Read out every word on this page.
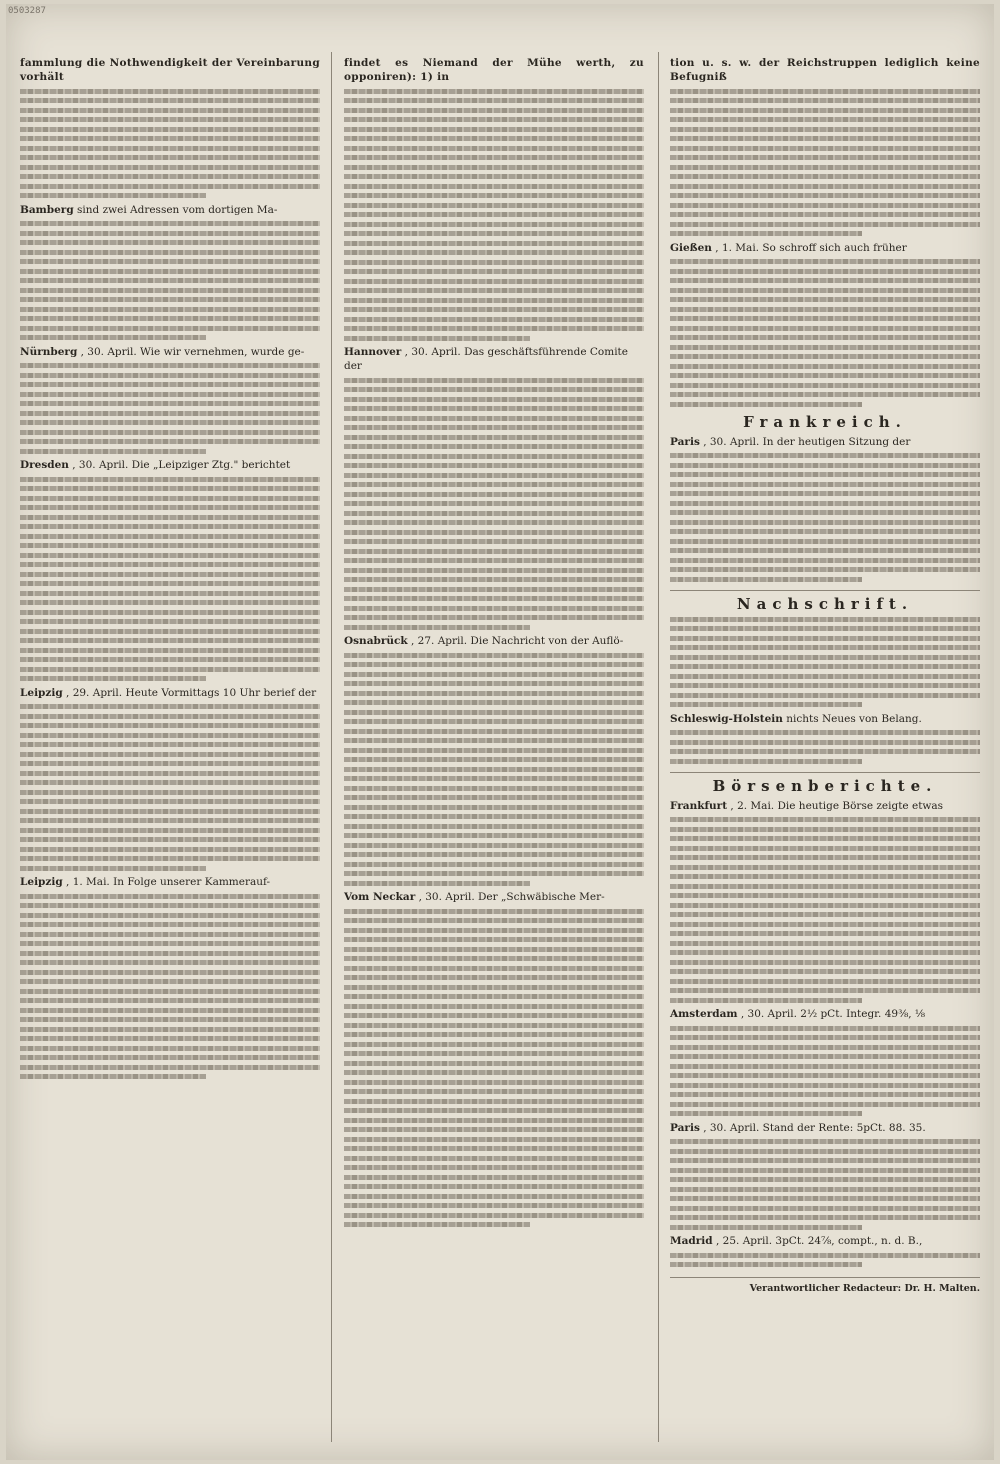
0503287

fammlung die Nothwendigkeit der Vereinbarung vorhält

Bamberg sind zwei Adressen vom dortigen Ma-

Nürnberg , 30. April. Wie wir vernehmen, wurde ge-

Dresden , 30. April. Die „Leipziger Ztg." berichtet

Leipzig , 29. April. Heute Vormittags 10 Uhr berief der

Leipzig , 1. Mai. In Folge unserer Kammerauf-

findet es Niemand der Mühe werth, zu opponiren): 1) in

Hannover , 30. April. Das geschäftsführende Comite der

Osnabrück , 27. April. Die Nachricht von der Auflö-

Vom Neckar , 30. April. Der „Schwäbische Mer-

tion u. s. w. der Reichstruppen lediglich keine Befugniß

Gießen , 1. Mai. So schroff sich auch früher

Frankreich.

Paris , 30. April. In der heutigen Sitzung der

Nachschrift.

Schleswig-Holstein nichts Neues von Belang.

Börsenberichte.

Frankfurt , 2. Mai. Die heutige Börse zeigte etwas

Amsterdam , 30. April. 2½ pCt. Integr. 49⅜, ⅛

Paris , 30. April. Stand der Rente: 5pCt. 88. 35.

Madrid , 25. April. 3pCt. 24⅞, compt., n. d. B.,

Verantwortlicher Redacteur: Dr. H. Malten.
